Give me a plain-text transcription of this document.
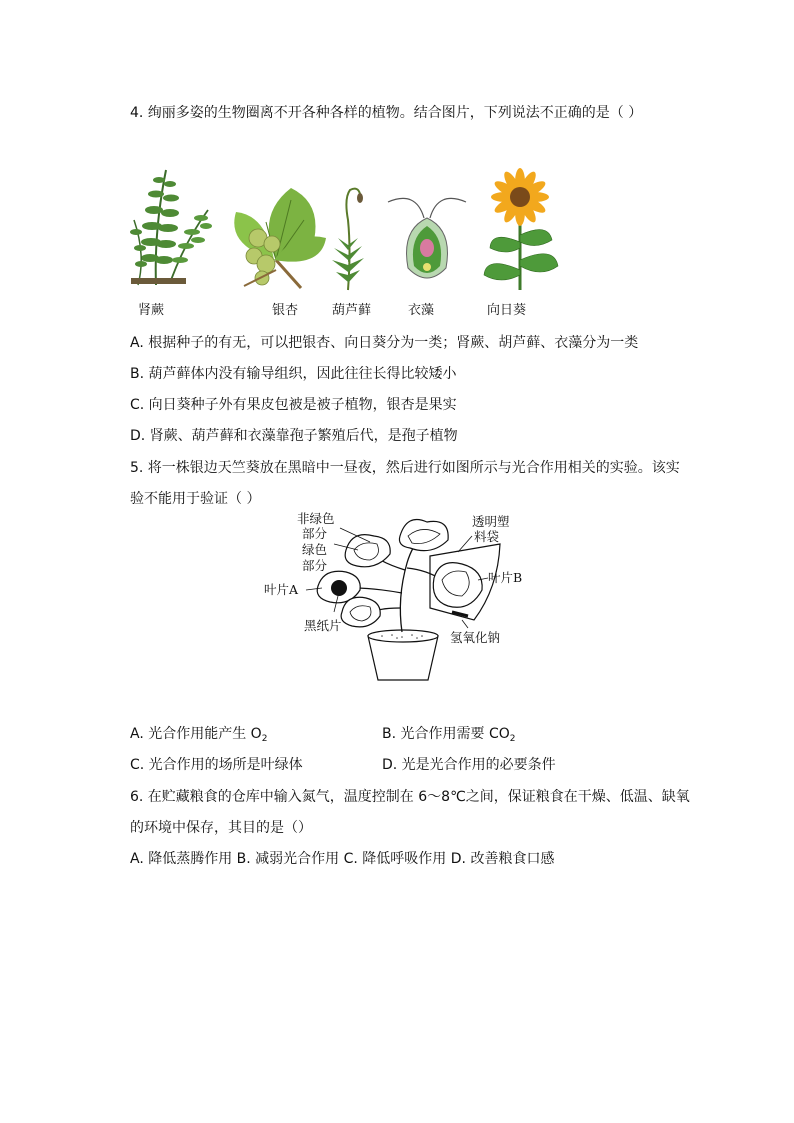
4. 绚丽多姿的生物圈离不开各种各样的植物。结合图片，下列说法不正确的是（ ）
肾蕨	银杏	葫芦藓	衣藻	向日葵
A. 根据种子的有无，可以把银杏、向日葵分为一类；肾蕨、胡芦藓、衣藻分为一类
B. 葫芦藓体内没有输导组织，因此往往长得比较矮小
C. 向日葵种子外有果皮包被是被子植物，银杏是果实
D. 肾蕨、葫芦藓和衣藻靠孢子繁殖后代，是孢子植物
5. 将一株银边天竺葵放在黑暗中一昼夜，然后进行如图所示与光合作用相关的实验。该实
验不能用于验证（ ）
非绿色
部分
绿色
部分
叶片A
黑纸片
透明塑
料袋
叶片B
氢氧化钠
A. 光合作用能产生 $O_2$	B. 光合作用需要 $CO_2$
C. 光合作用的场所是叶绿体	D. 光是光合作用的必要条件
6. 在贮藏粮食的仓库中输入氮气，温度控制在 6～8℃之间，保证粮食在干燥、低温、缺氧
的环境中保存，其目的是（）
A. 降低蒸腾作用 B. 减弱光合作用 C. 降低呼吸作用 D. 改善粮食口感
